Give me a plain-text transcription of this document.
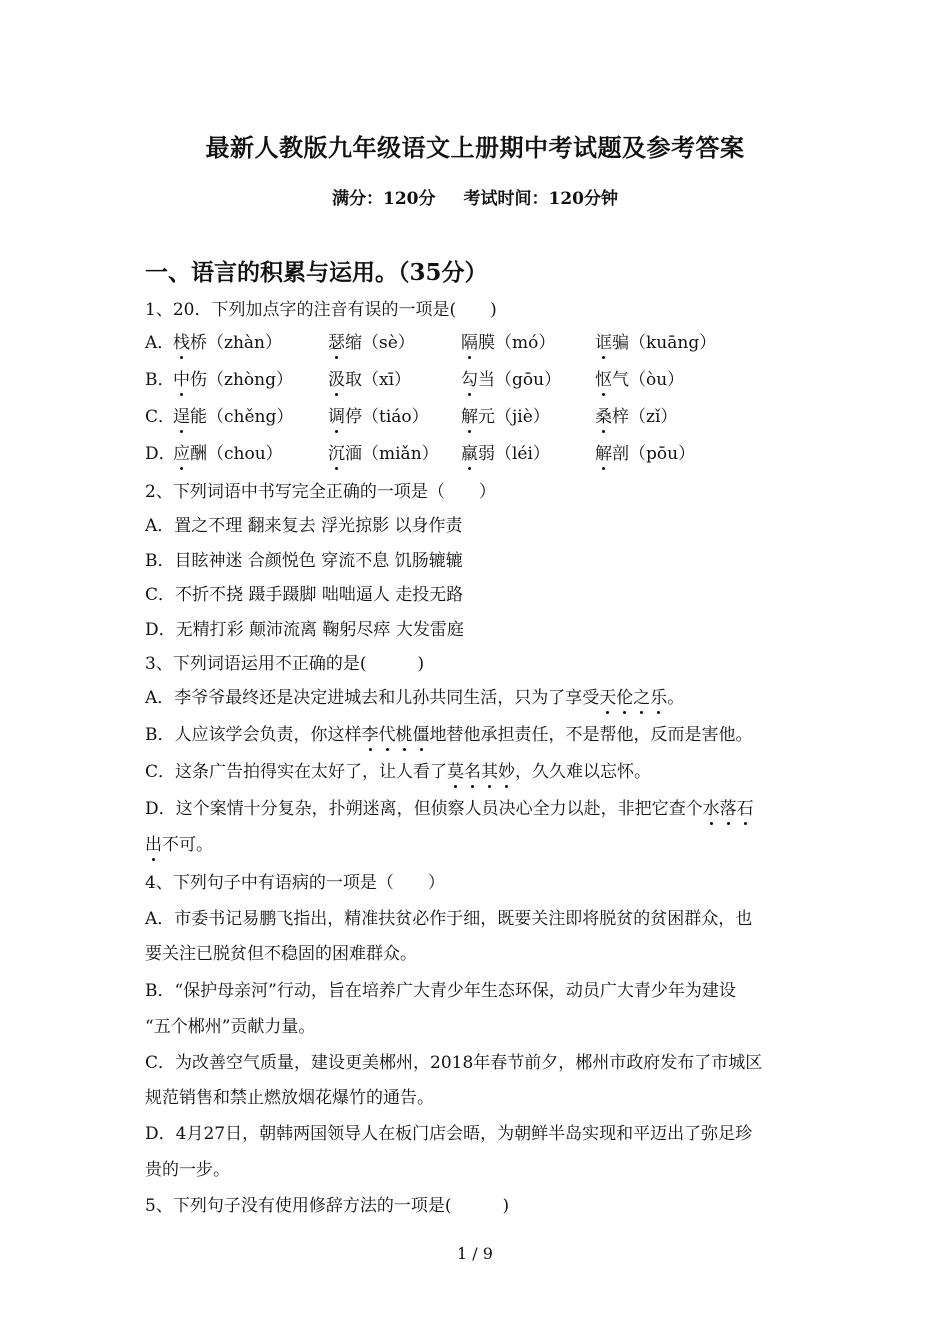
最新人教版九年级语文上册期中考试题及参考答案
满分：120分 考试时间：120分钟
一、语言的积累与运用。（35分）
1、20．下列加点字的注音有误的一项是(　　)
A．
栈桥（zhàn）	瑟缩（sè）	隔膜（mó） 诓骗（kuāng）
B．
中伤（zhòng） 汲取（xī）	勾当（gōu） 怄气（òu）
C．
逞能（chěng） 调停（tiáo） 解元（jiè）	桑梓（zǐ）
D．
应酬（chou）	沉湎（miǎn） 羸弱（léi）	解剖（pōu）
2、下列词语中书写完全正确的一项是（　　）
A．置之不理 翻来复去 浮光掠影 以身作责
B．目眩神迷 合颜悦色 穿流不息 饥肠辘辘
C．不折不挠 蹑手蹑脚 咄咄逼人 走投无路
D．无精打彩 颠沛流离 鞠躬尽瘁 大发雷庭
3、下列词语运用不正确的是(　　　)
A．李爷爷最终还是决定进城去和儿孙共同生活，只为了享受天伦之乐。
B．人应该学会负责，你这样李代桃僵地替他承担责任，不是帮他，反而是害他。
C．这条广告拍得实在太好了，让人看了莫名其妙，久久难以忘怀。
D．这个案情十分复杂，扑朔迷离，但侦察人员决心全力以赴，非把它查个水落石
出不可。
4、下列句子中有语病的一项是（　　）
A．市委书记易鹏飞指出，精准扶贫必作于细，既要关注即将脱贫的贫困群众，也
要关注已脱贫但不稳固的困难群众。
B．“保护母亲河”行动，旨在培养广大青少年生态环保，动员广大青少年为建设
“五个郴州”贡献力量。
C．为改善空气质量，建设更美郴州，2018年春节前夕，郴州市政府发布了市城区
规范销售和禁止燃放烟花爆竹的通告。
D．4月27日，朝韩两国领导人在板门店会晤，为朝鲜半岛实现和平迈出了弥足珍
贵的一步。
5、下列句子没有使用修辞方法的一项是(　　　)
1 / 9
